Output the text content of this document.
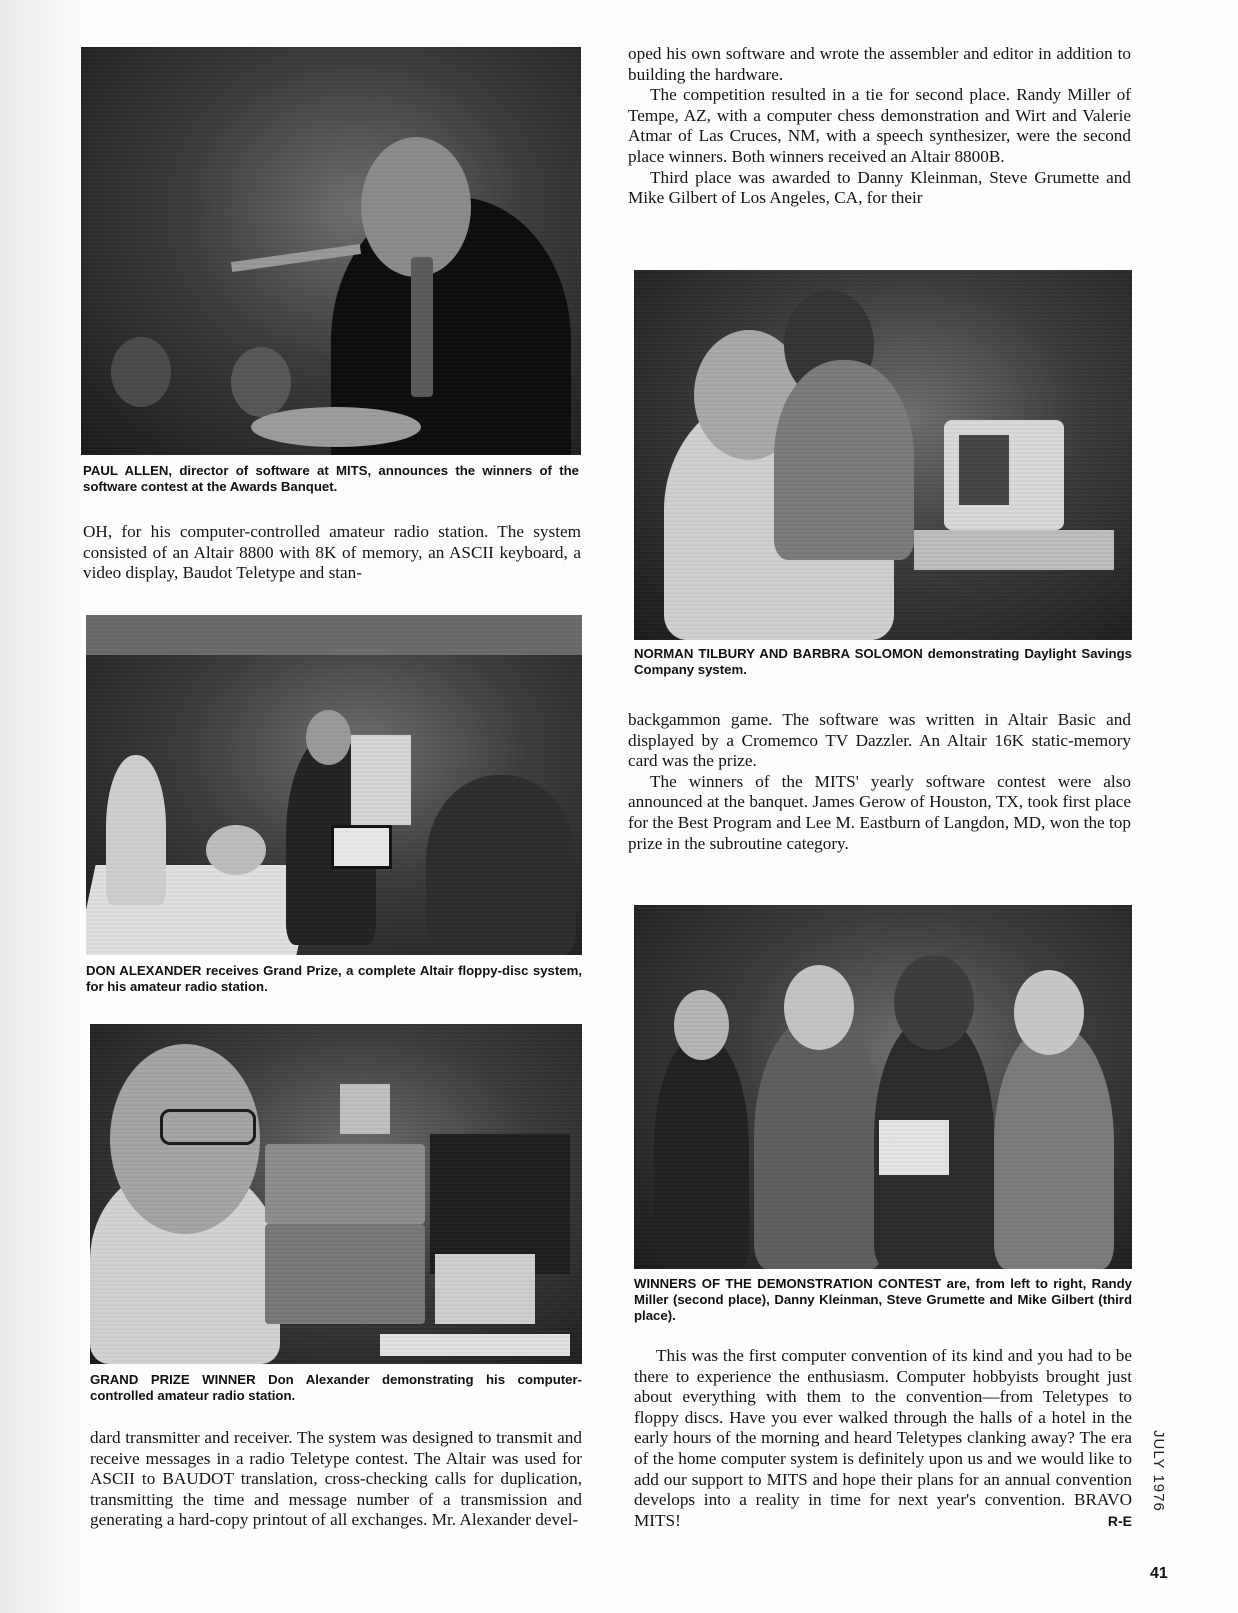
PAUL ALLEN, director of software at MITS, announces the winners of the software contest at the Awards Banquet.

oped his own software and wrote the assembler and editor in addition to building the hardware.

The competition resulted in a tie for second place. Randy Miller of Tempe, AZ, with a computer chess demonstration and Wirt and Valerie Atmar of Las Cruces, NM, with a speech synthesizer, were the second place winners. Both winners received an Altair 8800B.

Third place was awarded to Danny Kleinman, Steve Grumette and Mike Gilbert of Los Angeles, CA, for their

NORMAN TILBURY AND BARBRA SOLOMON demonstrating Daylight Savings Company system.

OH, for his computer-controlled amateur radio station. The system consisted of an Altair 8800 with 8K of memory, an ASCII keyboard, a video display, Baudot Teletype and stan-

DON ALEXANDER receives Grand Prize, a complete Altair floppy-disc system, for his amateur radio station.

backgammon game. The software was written in Altair Basic and displayed by a Cromemco TV Dazzler. An Altair 16K static-memory card was the prize.

The winners of the MITS' yearly software contest were also announced at the banquet. James Gerow of Houston, TX, took first place for the Best Program and Lee M. Eastburn of Langdon, MD, won the top prize in the subroutine category.

WINNERS OF THE DEMONSTRATION CONTEST are, from left to right, Randy Miller (second place), Danny Kleinman, Steve Grumette and Mike Gilbert (third place).

GRAND PRIZE WINNER Don Alexander demonstrating his computer-controlled amateur radio station.

dard transmitter and receiver. The system was designed to transmit and receive messages in a radio Teletype contest. The Altair was used for ASCII to BAUDOT translation, cross-checking calls for duplication, transmitting the time and message number of a transmission and generating a hard-copy printout of all exchanges. Mr. Alexander devel-

This was the first computer convention of its kind and you had to be there to experience the enthusiasm. Computer hobbyists brought just about everything with them to the convention—from Teletypes to floppy discs. Have you ever walked through the halls of a hotel in the early hours of the morning and heard Teletypes clanking away? The era of the home computer system is definitely upon us and we would like to add our support to MITS and hope their plans for an annual convention develops into a reality in time for next year's convention. BRAVO MITS!	R-E
JULY 1976
41
